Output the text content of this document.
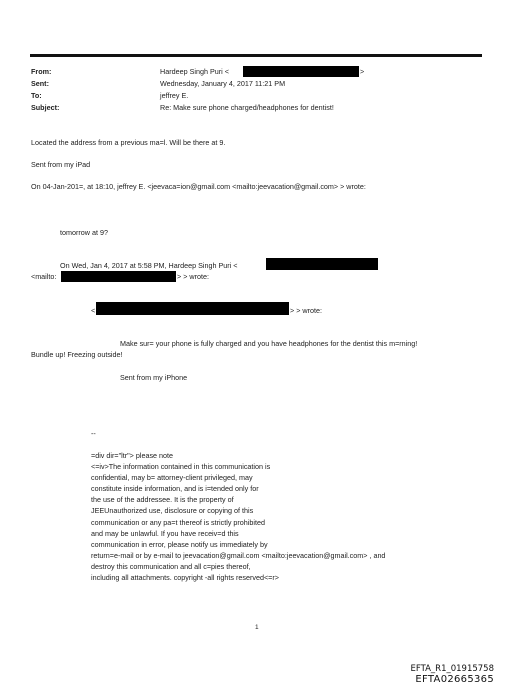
From:	Hardeep Singh Puri <	>
Sent:	Wednesday, January 4, 2017 11:21 PM
To:	jeffrey E.
Subject:	Re: Make sure phone charged/headphones for dentist!
Located the address from a previous ma=l. Will be there at 9.
Sent from my iPad
On 04-Jan-201=, at 18:10, jeffrey E. <jeevaca=ion@gmail.com <mailto:jeevacation@gmail.com> > wrote:
tomorrow at 9?
On Wed, Jan 4, 2017 at 5:58 PM, Hardeep Singh Puri <
<mailto:	> > wrote:
<	> > wrote:
Make sur= your phone is fully charged and you have headphones for the dentist this m=rning!
Bundle up! Freezing outside!
Sent from my iPhone
--
=div dir="ltr"> please note
<=iv>The information contained in this communication is
confidential, may b= attorney-client privileged, may
constitute inside information, and is i=tended only for
the use of the addressee. It is the property of
JEEUnauthorized use, disclosure or copying of this
communication or any pa=t thereof is strictly prohibited
and may be unlawful. If you have receiv=d this
communication in error, please notify us immediately by
return=e-mail or by e-mail to jeevacation@gmail.com <mailto:jeevacation@gmail.com> , and
destroy this communication and all c=pies thereof,
including all attachments. copyright -all rights reserved<=r>
1
EFTA_R1_01915758
EFTA02665365
